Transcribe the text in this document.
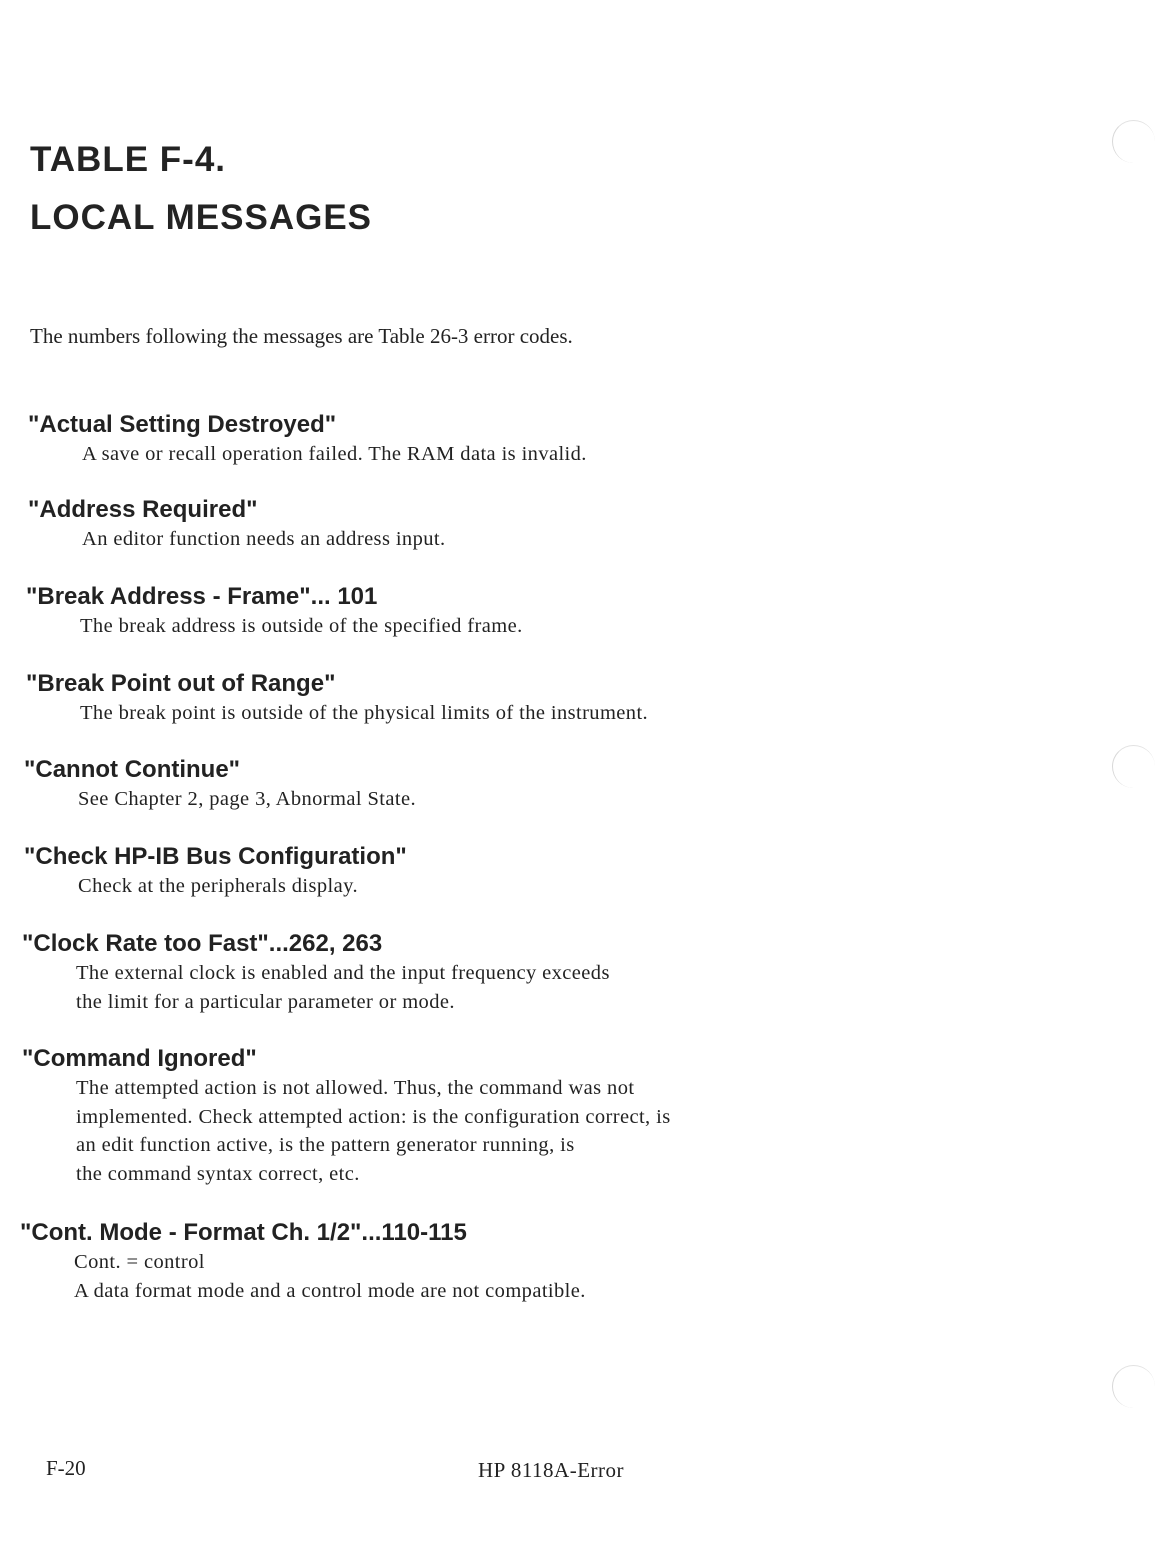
TABLE F-4.
LOCAL MESSAGES
The numbers following the messages are Table 26-3 error codes.
"Actual Setting Destroyed"
A save or recall operation failed. The RAM data is invalid.
"Address Required"
An editor function needs an address input.
"Break Address - Frame"... 101
The break address is outside of the specified frame.
"Break Point out of Range"
The break point is outside of the physical limits of the instrument.
"Cannot Continue"
See Chapter 2, page 3, Abnormal State.
"Check HP-IB Bus Configuration"
Check at the peripherals display.
"Clock Rate too Fast"...262, 263
The external clock is enabled and the input frequency exceeds
the limit for a particular parameter or mode.
"Command Ignored"
The attempted action is not allowed. Thus, the command was not
implemented. Check attempted action: is the configuration correct, is
an edit function active, is the pattern generator running, is
the command syntax correct, etc.
"Cont. Mode - Format Ch. 1/2"...110-115
Cont. = control
A data format mode and a control mode are not compatible.
F-20	HP 8118A-Error
